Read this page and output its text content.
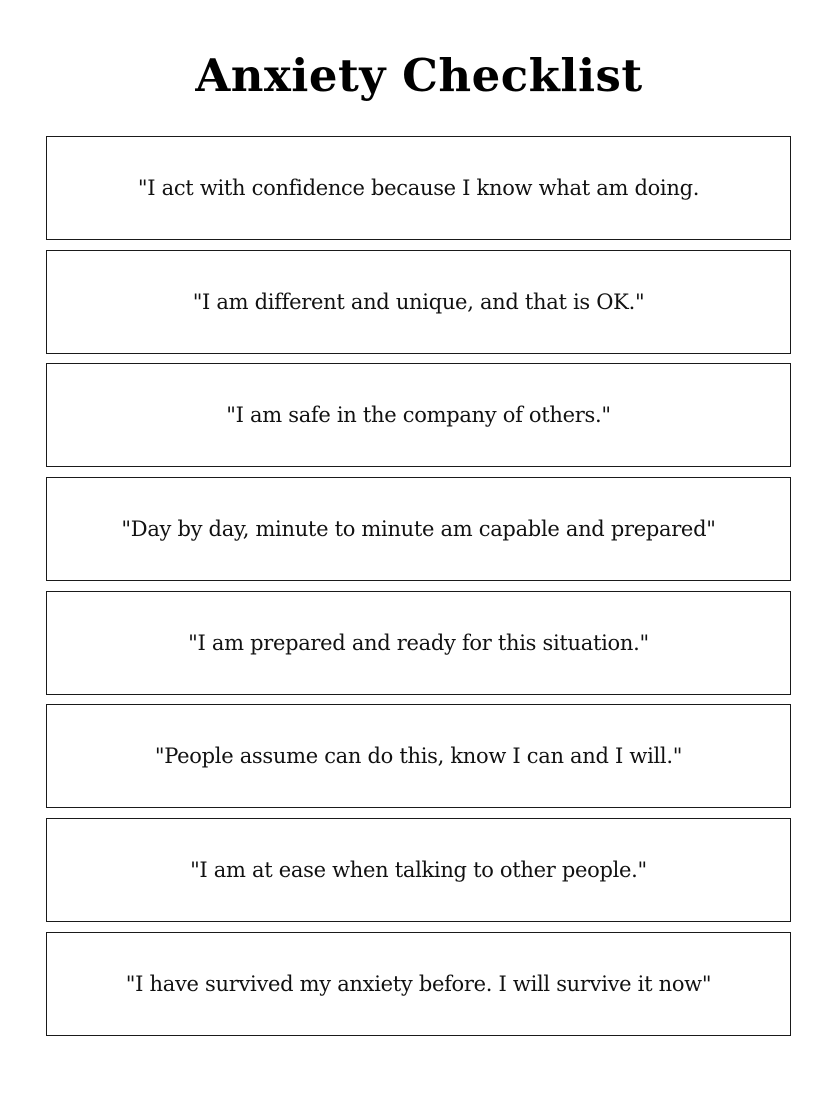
Anxiety Checklist
"I act with confidence because I know what am doing.
"I am different and unique, and that is OK."
"I am safe in the company of others."
"Day by day, minute to minute am capable and prepared"
"I am prepared and ready for this situation."
"People assume can do this, know I can and I will."
"I am at ease when talking to other people."
"I have survived my anxiety before. I will survive it now"
